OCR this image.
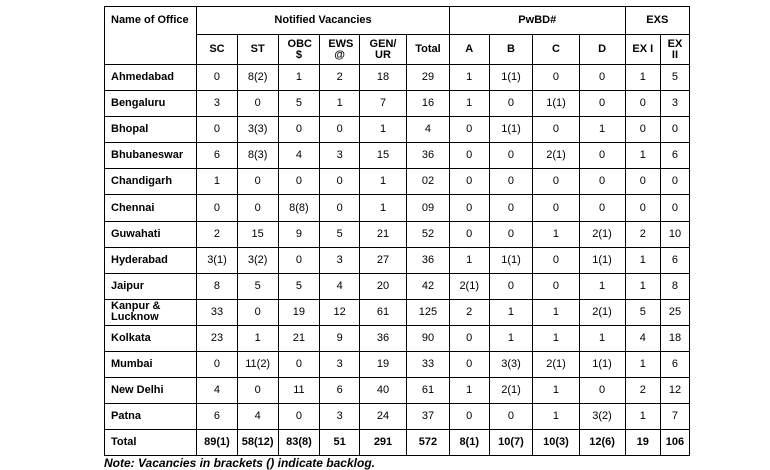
Name of Office	Notified Vacancies						PwBD#				EXS	
	SC	ST	OBC $	EWS @	GEN/ UR	Total	A	B	C	D	EX I	EX II
Ahmedabad	0	8(2)	1	2	18	29	1	1(1)	0	0	1	5
Bengaluru	3	0	5	1	7	16	1	0	1(1)	0	0	3
Bhopal	0	3(3)	0	0	1	4	0	1(1)	0	1	0	0
Bhubaneswar	6	8(3)	4	3	15	36	0	0	2(1)	0	1	6
Chandigarh	1	0	0	0	1	02	0	0	0	0	0	0
Chennai	0	0	8(8)	0	1	09	0	0	0	0	0	0
Guwahati	2	15	9	5	21	52	0	0	1	2(1)	2	10
Hyderabad	3(1)	3(2)	0	3	27	36	1	1(1)	0	1(1)	1	6
Jaipur	8	5	5	4	20	42	2(1)	0	0	1	1	8
Kanpur & Lucknow	33	0	19	12	61	125	2	1	1	2(1)	5	25
Kolkata	23	1	21	9	36	90	0	1	1	1	4	18
Mumbai	0	11(2)	0	3	19	33	0	3(3)	2(1)	1(1)	1	6
New Delhi	4	0	11	6	40	61	1	2(1)	1	0	2	12
Patna	6	4	0	3	24	37	0	0	1	3(2)	1	7
Total	89(1)	58(12)	83(8)	51	291	572	8(1)	10(7)	10(3)	12(6)	19	106
Note: Vacancies in brackets () indicate backlog.
